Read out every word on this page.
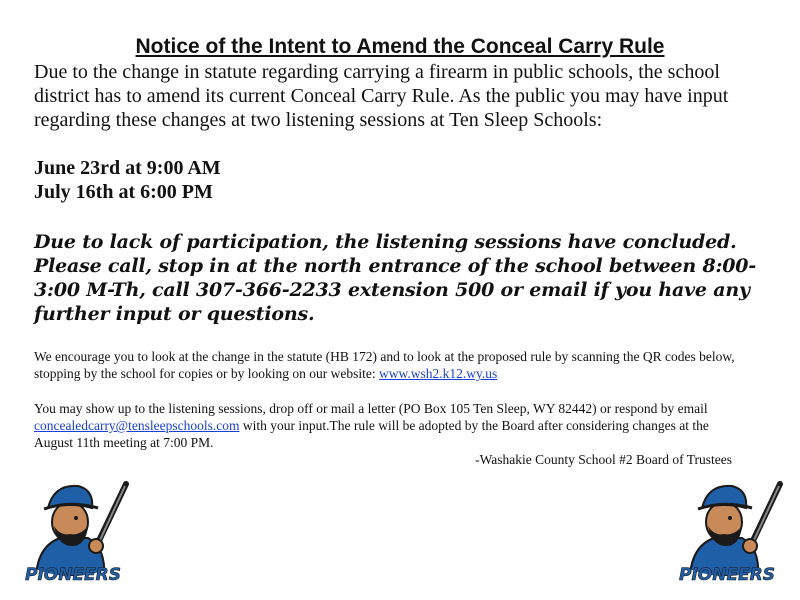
Notice of the Intent to Amend the Conceal Carry Rule

Due to the change in statute regarding carrying a firearm in public schools, the school district has to amend its current Conceal Carry Rule. As the public you may have input regarding these changes at two listening sessions at Ten Sleep Schools:

June 23rd at 9:00 AM
July 16th at 6:00 PM

Due to lack of participation, the listening sessions have concluded. Please call, stop in at the north entrance of the school between 8:00-3:00 M-Th, call 307-366-2233 extension 500 or email if you have any further input or questions.

We encourage you to look at the change in the statute (HB 172) and to look at the proposed rule by scanning the QR codes below, stopping by the school for copies or by looking on our website: www.wsh2.k12.wy.us

You may show up to the listening sessions, drop off or mail a letter (PO Box 105 Ten Sleep, WY 82442) or respond by email concealedcarry@tensleepschools.com with your input.The rule will be adopted by the Board after considering changes at the August 11th meeting at 7:00 PM.

-Washakie County School #2 Board of Trustees
PIONEERS	PIONEERS
